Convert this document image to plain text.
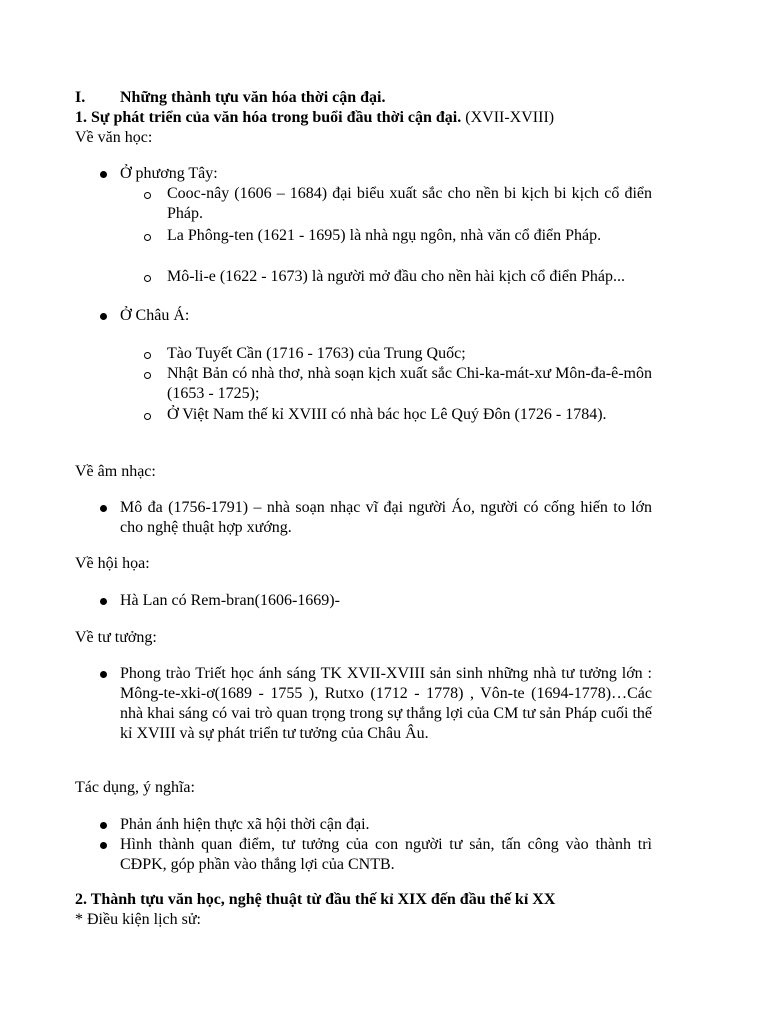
I. Những thành tựu văn hóa thời cận đại.
1. Sự phát triển của văn hóa trong buổi đầu thời cận đại. (XVII-XVIII)
Về văn học:
Ở phương Tây:
Cooc-nây (1606 – 1684) đại biểu xuất sắc cho nền bi kịch bi kịch cổ điển Pháp.
La Phông-ten (1621 - 1695) là nhà ngụ ngôn, nhà văn cổ điển Pháp.
Mô-li-e (1622 - 1673) là người mở đầu cho nền hài kịch cổ điển Pháp...
Ở Châu Á:
Tào Tuyết Cần (1716 - 1763) của Trung Quốc;
Nhật Bản có nhà thơ, nhà soạn kịch xuất sắc Chi-ka-mát-xư Môn-đa-ê-môn (1653 - 1725);
Ở Việt Nam thế kỉ XVIII có nhà bác học Lê Quý Đôn (1726 - 1784).
Về âm nhạc:
Mô đa (1756-1791) – nhà soạn nhạc vĩ đại người Áo, người có cống hiến to lớn cho nghệ thuật hợp xướng.
Về hội họa:
Hà Lan có Rem-bran(1606-1669)-
Về tư tưởng:
Phong trào Triết học ánh sáng TK XVII-XVIII sản sinh những nhà tư tưởng lớn : Mông-te-xki-ơ(1689 - 1755 ), Rutxo (1712 - 1778) , Vôn-te (1694-1778)…Các nhà khai sáng có vai trò quan trọng trong sự thắng lợi của CM tư sản Pháp cuối thế kỉ XVIII và sự phát triển tư tưởng của Châu Âu.
Tác dụng, ý nghĩa:
Phản ánh hiện thực xã hội thời cận đại.
Hình thành quan điểm, tư tưởng của con người tư sản, tấn công vào thành trì CĐPK, góp phần vào thắng lợi của CNTB.
2. Thành tựu văn học, nghệ thuật từ đầu thế kỉ XIX đến đầu thế kỉ XX
* Điều kiện lịch sử:
